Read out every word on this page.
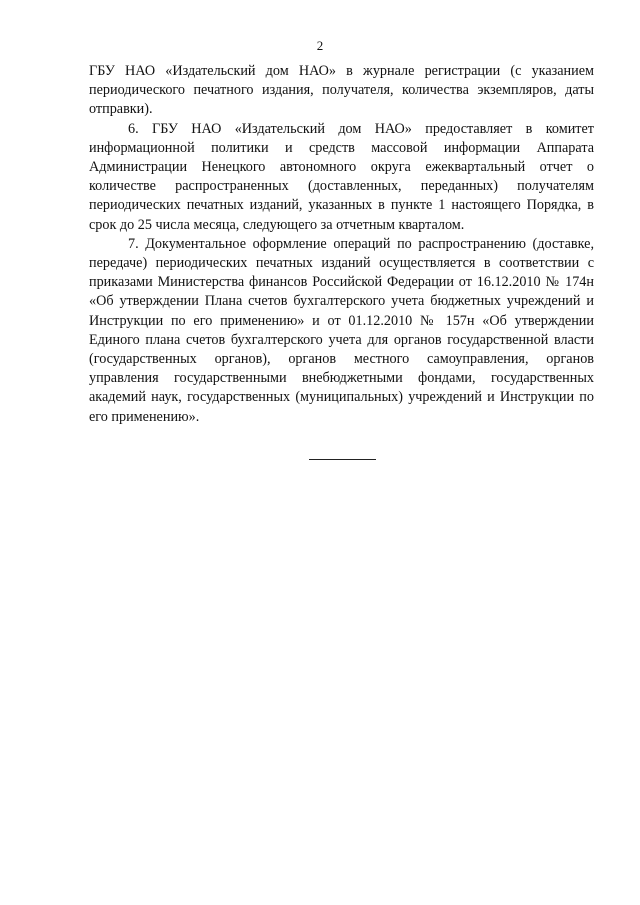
2

ГБУ НАО «Издательский дом НАО» в журнале регистрации (с указанием периодического печатного издания, получателя, количества экземпляров, даты отправки).

6. ГБУ НАО «Издательский дом НАО» предоставляет в комитет информационной политики и средств массовой информации Аппарата Администрации Ненецкого автономного округа ежеквартальный отчет о количестве распространенных (доставленных, переданных) получателям периодических печатных изданий, указанных в пункте 1 настоящего Порядка, в срок до 25 числа месяца, следующего за отчетным кварталом.

7. Документальное оформление операций по распространению (доставке, передаче) периодических печатных изданий осуществляется в соответствии с приказами Министерства финансов Российской Федерации от 16.12.2010 № 174н «Об утверждении Плана счетов бухгалтерского учета бюджетных учреждений и Инструкции по его применению» и от 01.12.2010 № 157н «Об утверждении Единого плана счетов бухгалтерского учета для органов государственной власти (государственных органов), органов местного самоуправления, органов управления государственными внебюджетными фондами, государственных академий наук, государственных (муниципальных) учреждений и Инструкции по его применению».
